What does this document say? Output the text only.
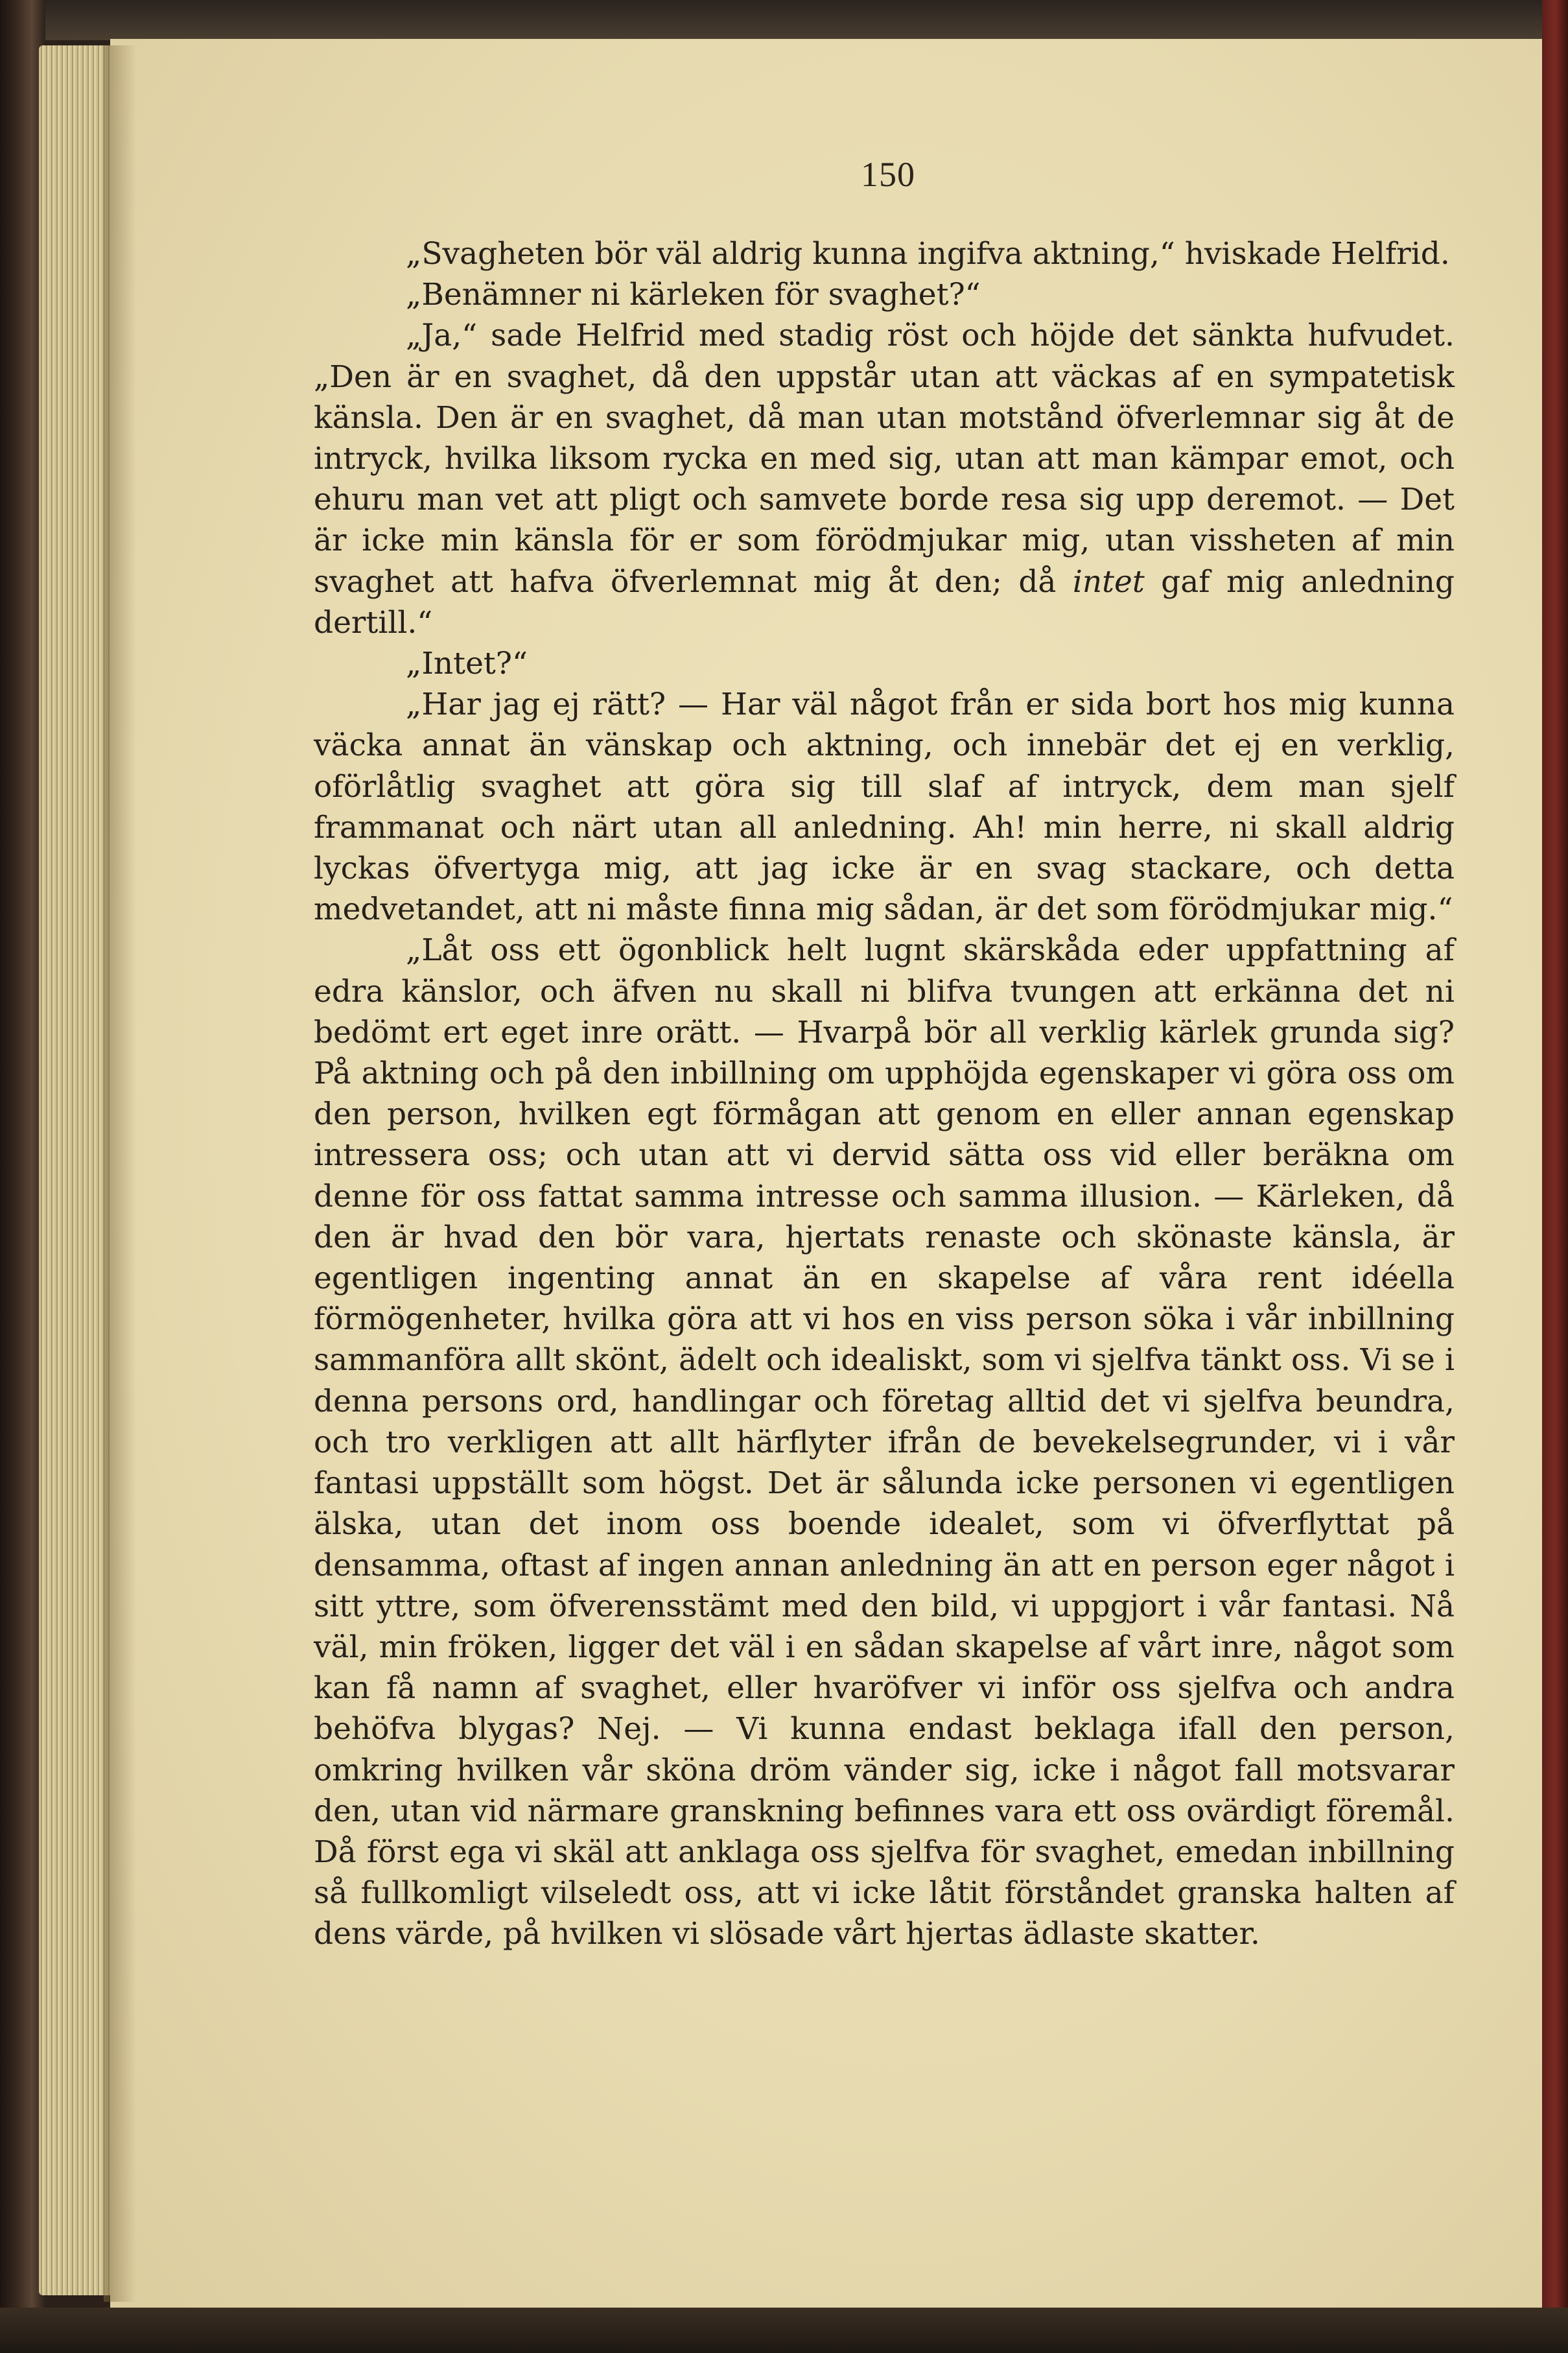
150

„Svagheten bör väl aldrig kunna ingifva aktning,“ hviskade Helfrid.

„Benämner ni kärleken för svaghet?“

„Ja,“ sade Helfrid med stadig röst och höjde det sänkta hufvudet. „Den är en svaghet, då den uppstår utan att väckas af en sympatetisk känsla. Den är en svaghet, då man utan motstånd öfverlemnar sig åt de intryck, hvilka liksom rycka en med sig, utan att man kämpar emot, och ehuru man vet att pligt och samvete borde resa sig upp deremot. — Det är icke min känsla för er som förödmjukar mig, utan vissheten af min svaghet att hafva öfverlemnat mig åt den; då intet gaf mig anledning dertill.“

„Intet?“

„Har jag ej rätt? — Har väl något från er sida bort hos mig kunna väcka annat än vänskap och aktning, och innebär det ej en verklig, oförlåtlig svaghet att göra sig till slaf af intryck, dem man sjelf frammanat och närt utan all anledning. Ah! min herre, ni skall aldrig lyckas öfvertyga mig, att jag icke är en svag stackare, och detta medvetandet, att ni måste finna mig sådan, är det som förödmjukar mig.“

„Låt oss ett ögonblick helt lugnt skärskåda eder uppfattning af edra känslor, och äfven nu skall ni blifva tvungen att erkänna det ni bedömt ert eget inre orätt. — Hvarpå bör all verklig kärlek grunda sig? På aktning och på den inbillning om upphöjda egenskaper vi göra oss om den person, hvilken egt förmågan att genom en eller annan egenskap intressera oss; och utan att vi dervid sätta oss vid eller beräkna om denne för oss fattat samma intresse och samma illusion. — Kärleken, då den är hvad den bör vara, hjertats renaste och skönaste känsla, är egentligen ingenting annat än en skapelse af våra rent idéella förmögenheter, hvilka göra att vi hos en viss person söka i vår inbillning sammanföra allt skönt, ädelt och idealiskt, som vi sjelfva tänkt oss. Vi se i denna persons ord, handlingar och företag alltid det vi sjelfva beundra, och tro verkligen att allt härflyter ifrån de bevekelsegrunder, vi i vår fantasi uppställt som högst. Det är sålunda icke personen vi egentligen älska, utan det inom oss boende idealet, som vi öfverflyttat på densamma, oftast af ingen annan anledning än att en person eger något i sitt yttre, som öfverensstämt med den bild, vi uppgjort i vår fantasi. Nå väl, min fröken, ligger det väl i en sådan skapelse af vårt inre, något som kan få namn af svaghet, eller hvaröfver vi inför oss sjelfva och andra behöfva blygas? Nej. — Vi kunna endast beklaga ifall den person, omkring hvilken vår sköna dröm vänder sig, icke i något fall motsvarar den, utan vid närmare granskning befinnes vara ett oss ovärdigt föremål. Då först ega vi skäl att anklaga oss sjelfva för svaghet, emedan inbillning så fullkomligt vilseledt oss, att vi icke låtit förståndet granska halten af dens värde, på hvilken vi slösade vårt hjertas ädlaste skatter.
